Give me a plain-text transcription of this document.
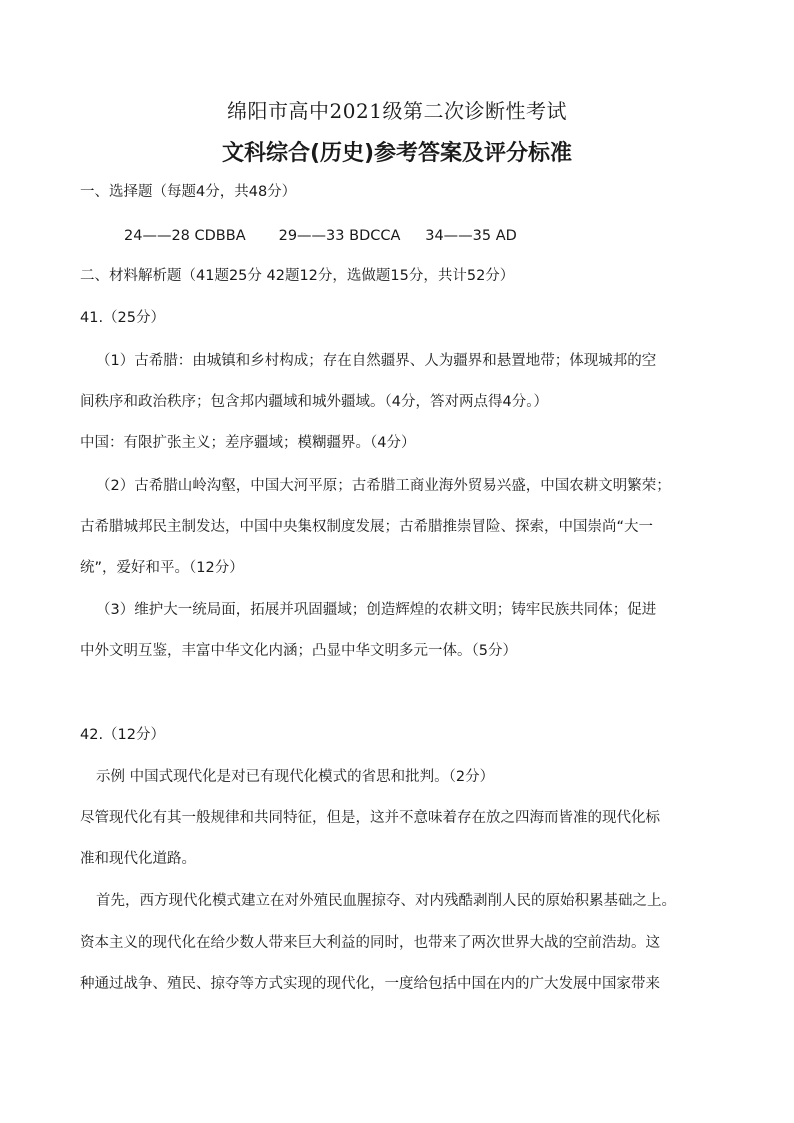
绵阳市高中2021级第二次诊断性考试
文科综合(历史)参考答案及评分标准
一、选择题（每题4分，共48分）
24——28 CDBBA 29——33 BDCCA 34——35 AD
二、材料解析题（41题25分 42题12分，选做题15分，共计52分）
41.（25分）
（1）古希腊：由城镇和乡村构成；存在自然疆界、人为疆界和悬置地带；体现城邦的空
间秩序和政治秩序；包含邦内疆域和城外疆域。（4分，答对两点得4分。）
中国：有限扩张主义；差序疆域；模糊疆界。（4分）
（2）古希腊山岭沟壑，中国大河平原；古希腊工商业海外贸易兴盛，中国农耕文明繁荣；
古希腊城邦民主制发达，中国中央集权制度发展；古希腊推崇冒险、探索，中国崇尚“大一
统”，爱好和平。（12分）
（3）维护大一统局面，拓展并巩固疆域；创造辉煌的农耕文明；铸牢民族共同体；促进
中外文明互鉴，丰富中华文化内涵；凸显中华文明多元一体。（5分）
42.（12分）
示例 中国式现代化是对已有现代化模式的省思和批判。（2分）
尽管现代化有其一般规律和共同特征，但是，这并不意味着存在放之四海而皆准的现代化标
准和现代化道路。
首先，西方现代化模式建立在对外殖民血腥掠夺、对内残酷剥削人民的原始积累基础之上。
资本主义的现代化在给少数人带来巨大利益的同时，也带来了两次世界大战的空前浩劫。这
种通过战争、殖民、掠夺等方式实现的现代化，一度给包括中国在内的广大发展中国家带来
